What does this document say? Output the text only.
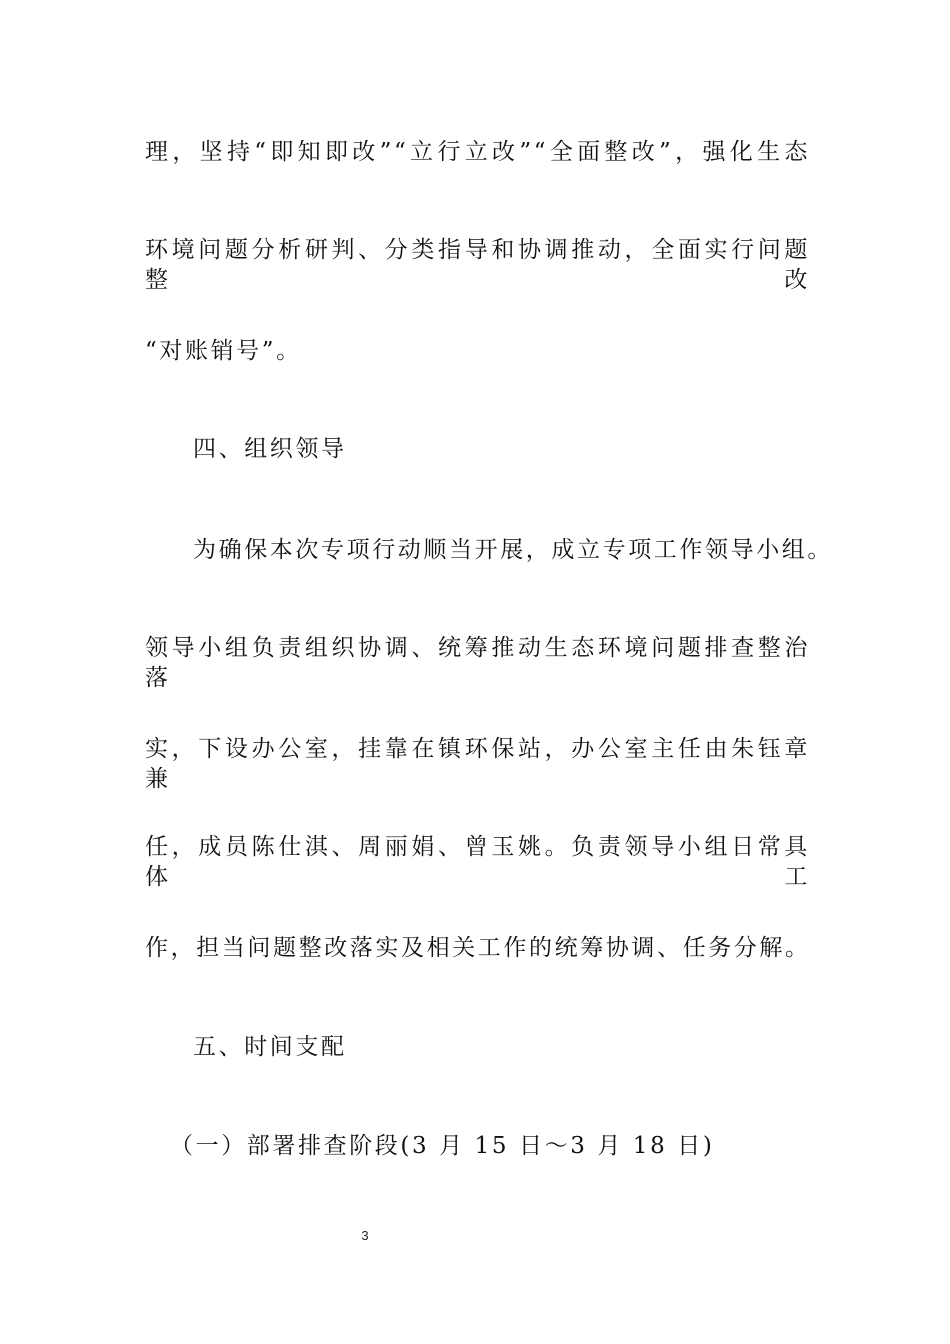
理，坚持“即知即改”“立行立改”“全面整改”，强化生态
环境问题分析研判、分类指导和协调推动，全面实行问题整改
“对账销号”。
四、组织领导
为确保本次专项行动顺当开展，成立专项工作领导小组。
领导小组负责组织协调、统筹推动生态环境问题排查整治落
实，下设办公室，挂靠在镇环保站，办公室主任由朱钰章兼
任，成员陈仕淇、周丽娟、曾玉姚。负责领导小组日常具体工
作，担当问题整改落实及相关工作的统筹协调、任务分解。
五、时间支配
（一）部署排查阶段(3 月 15 日～3 月 18 日)
3
